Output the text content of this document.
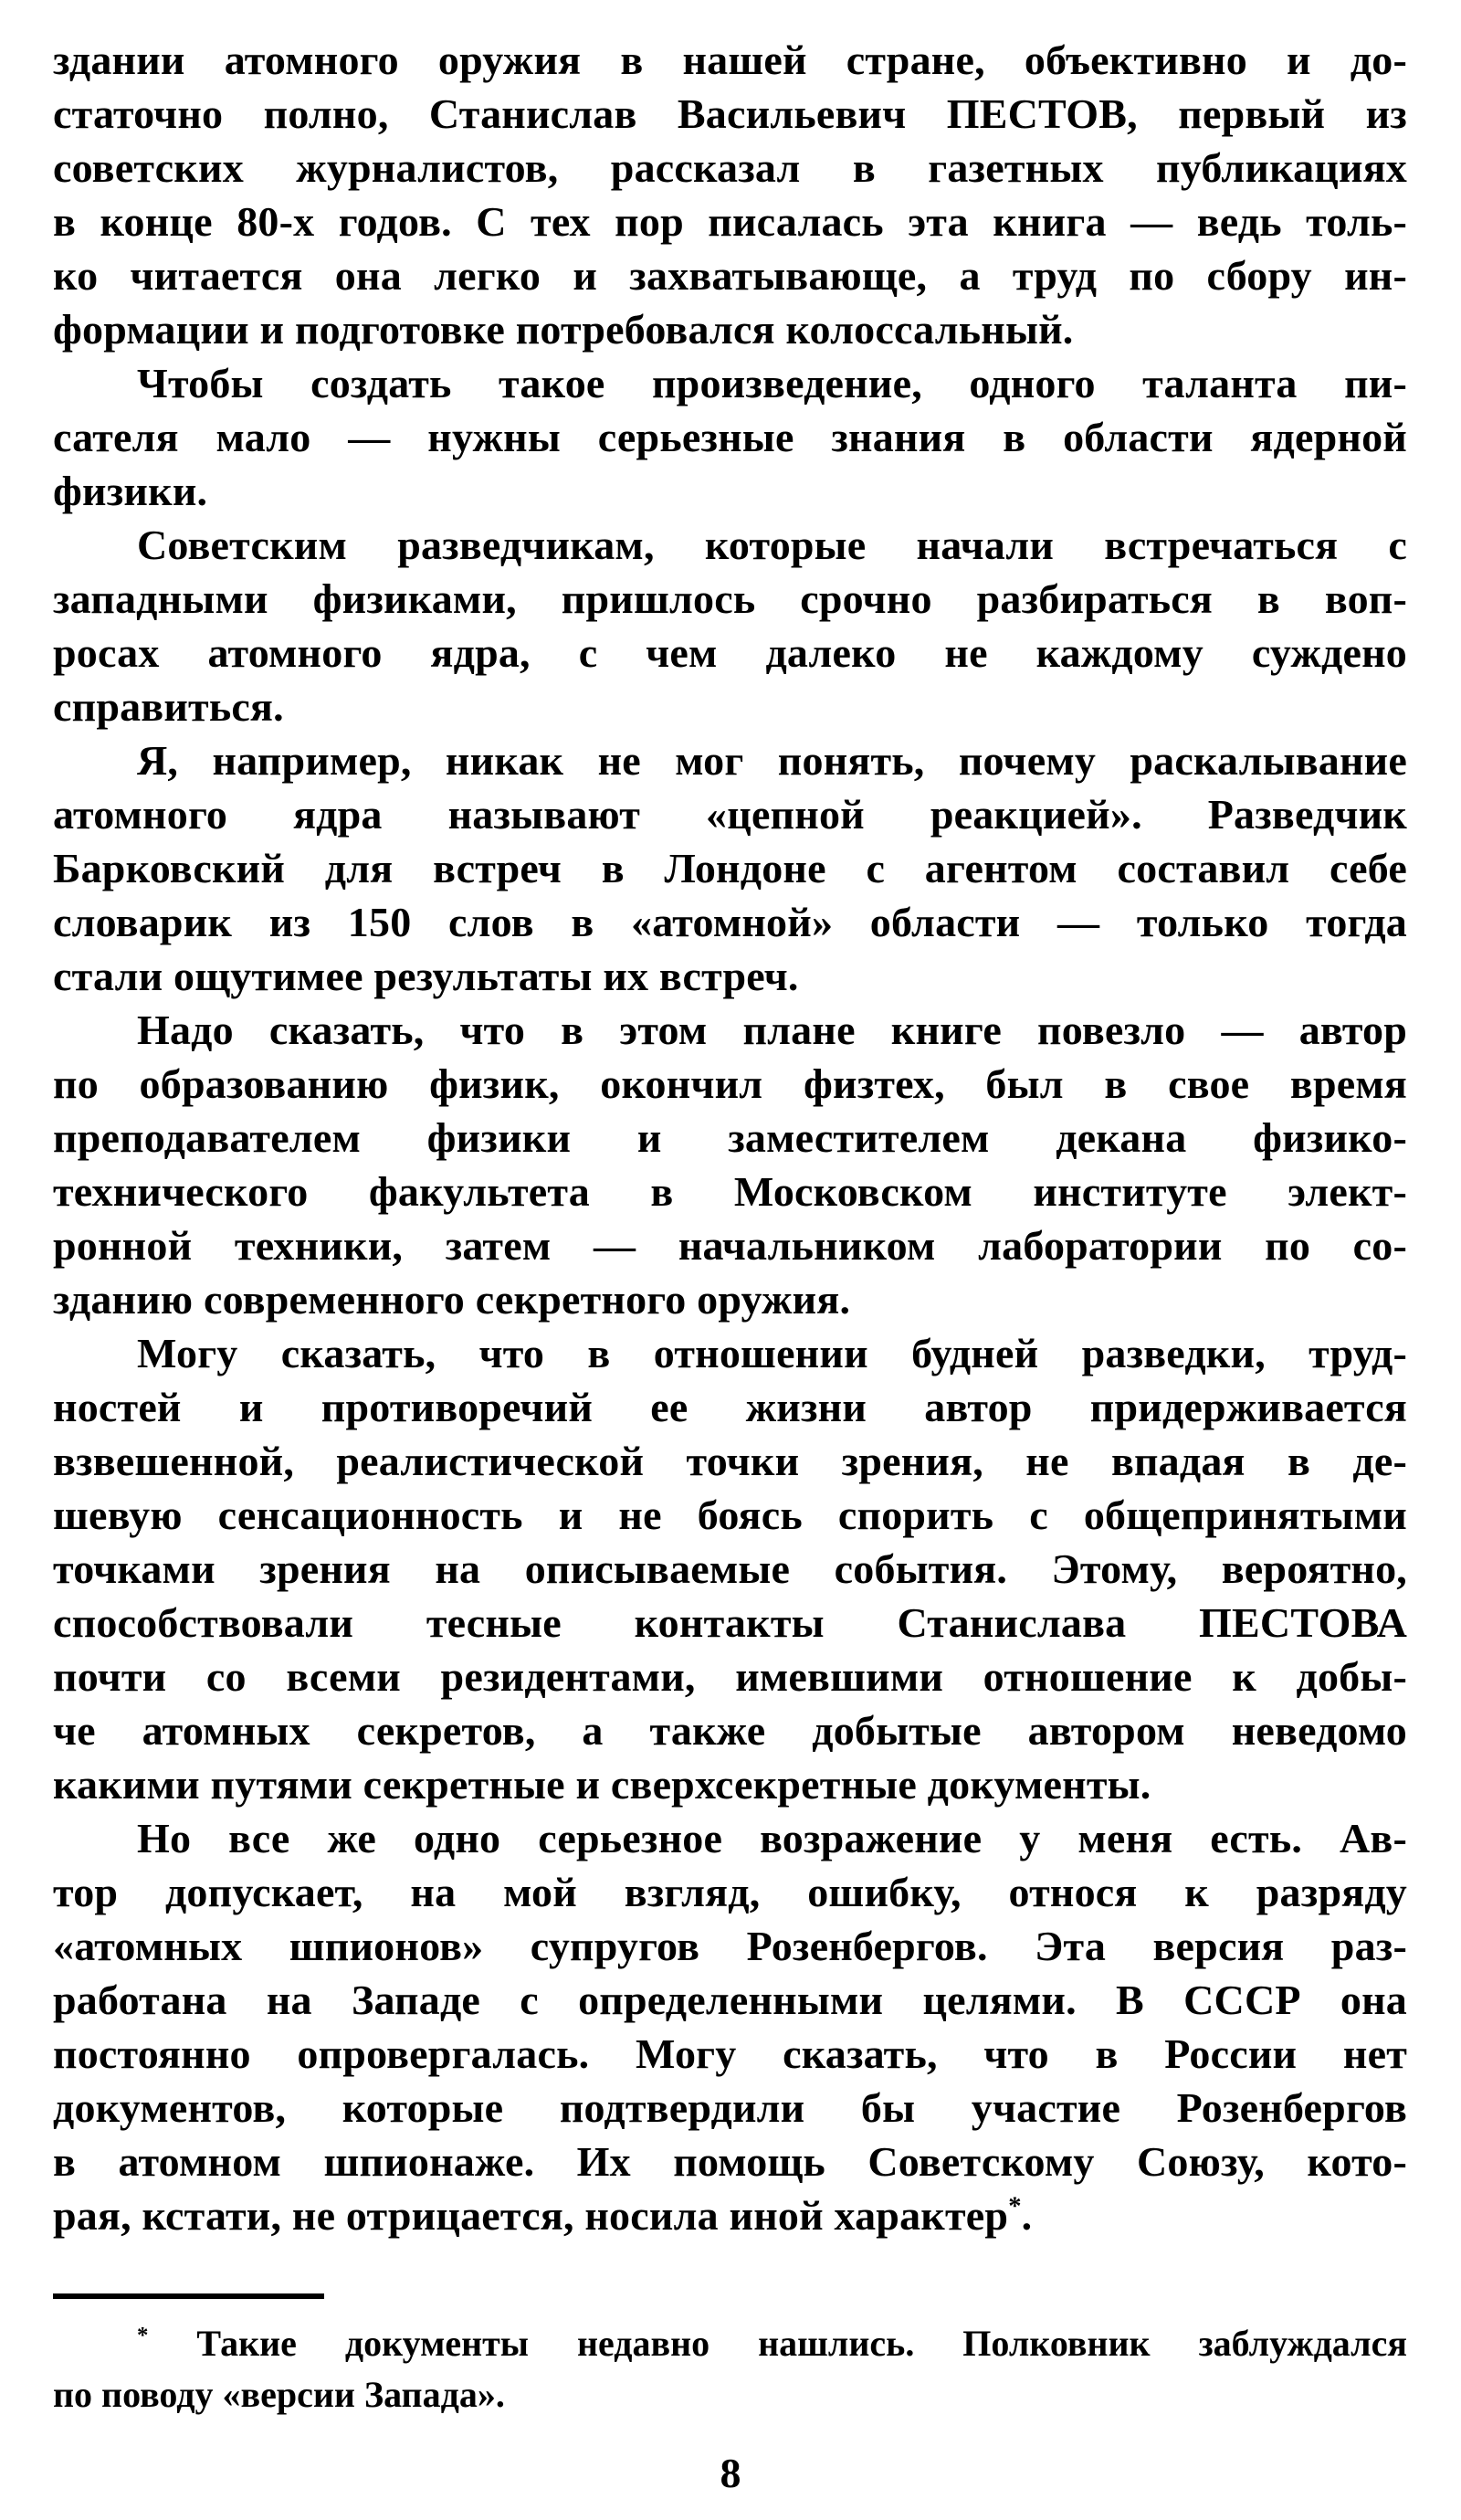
здании атомного оружия в нашей стране, объективно и до-
статочно полно, Станислав Васильевич ПЕСТОВ, первый из
советских журналистов, рассказал в газетных публикациях
в конце 80-х годов. С тех пор писалась эта книга — ведь толь-
ко читается она легко и захватывающе, а труд по сбору ин-
формации и подготовке потребовался колоссальный.
Чтобы создать такое произведение, одного таланта пи-
сателя мало — нужны серьезные знания в области ядерной
физики.
Советским разведчикам, которые начали встречаться с
западными физиками, пришлось срочно разбираться в воп-
росах атомного ядра, с чем далеко не каждому суждено
справиться.
Я, например, никак не мог понять, почему раскалывание
атомного ядра называют «цепной реакцией». Разведчик
Барковский для встреч в Лондоне с агентом составил себе
словарик из 150 слов в «атомной» области — только тогда
стали ощутимее результаты их встреч.
Надо сказать, что в этом плане книге повезло — автор
по образованию физик, окончил физтех, был в свое время
преподавателем физики и заместителем декана физико-
технического факультета в Московском институте элект-
ронной техники, затем — начальником лаборатории по со-
зданию современного секретного оружия.
Могу сказать, что в отношении будней разведки, труд-
ностей и противоречий ее жизни автор придерживается
взвешенной, реалистической точки зрения, не впадая в де-
шевую сенсационность и не боясь спорить с общепринятыми
точками зрения на описываемые события. Этому, вероятно,
способствовали тесные контакты Станислава ПЕСТОВА
почти со всеми резидентами, имевшими отношение к добы-
че атомных секретов, а также добытые автором неведомо
какими путями секретные и сверхсекретные документы.
Но все же одно серьезное возражение у меня есть. Ав-
тор допускает, на мой взгляд, ошибку, относя к разряду
«атомных шпионов» супругов Розенбергов. Эта версия раз-
работана на Западе с определенными целями. В СССР она
постоянно опровергалась. Могу сказать, что в России нет
документов, которые подтвердили бы участие Розенбергов
в атомном шпионаже. Их помощь Советскому Союзу, кото-
рая, кстати, не отрицается, носила иной характер*.
* Такие документы недавно нашлись. Полковник заблуждался
по поводу «версии Запада».
8
